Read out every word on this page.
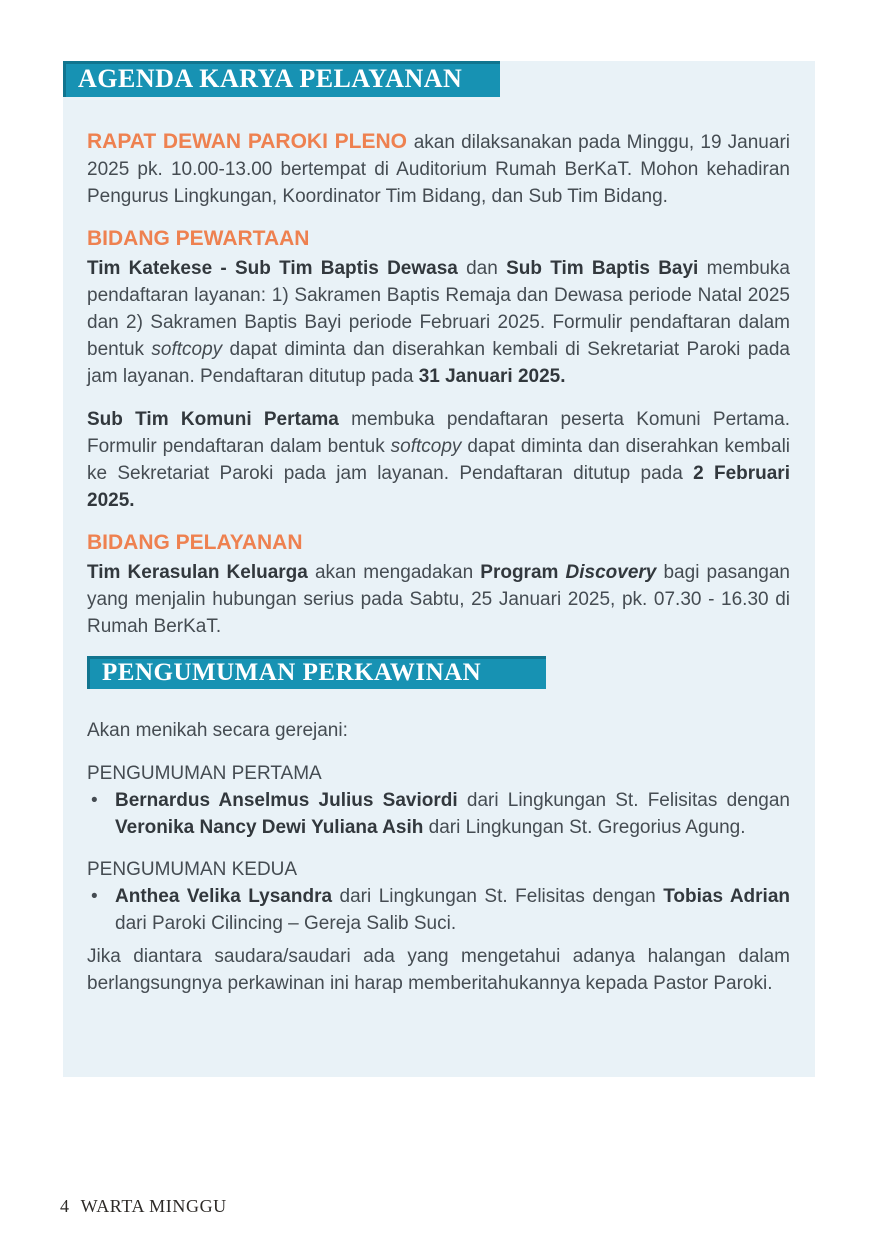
AGENDA KARYA PELAYANAN
RAPAT DEWAN PAROKI PLENO akan dilaksanakan pada Minggu, 19 Januari 2025 pk. 10.00-13.00 bertempat di Auditorium Rumah BerKaT. Mohon kehadiran Pengurus Lingkungan, Koordinator Tim Bidang, dan Sub Tim Bidang.
BIDANG PEWARTAAN
Tim Katekese - Sub Tim Baptis Dewasa dan Sub Tim Baptis Bayi membuka pendaftaran layanan: 1) Sakramen Baptis Remaja dan Dewasa periode Natal 2025 dan 2) Sakramen Baptis Bayi periode Februari 2025. Formulir pendaftaran dalam bentuk softcopy dapat diminta dan diserahkan kembali di Sekretariat Paroki pada jam layanan. Pendaftaran ditutup pada 31 Januari 2025.
Sub Tim Komuni Pertama membuka pendaftaran peserta Komuni Pertama. Formulir pendaftaran dalam bentuk softcopy dapat diminta dan diserahkan kembali ke Sekretariat Paroki pada jam layanan. Pendaftaran ditutup pada 2 Februari 2025.
BIDANG PELAYANAN
Tim Kerasulan Keluarga akan mengadakan Program Discovery bagi pasangan yang menjalin hubungan serius pada Sabtu, 25 Januari 2025, pk. 07.30 - 16.30 di Rumah BerKaT.
PENGUMUMAN PERKAWINAN
Akan menikah secara gerejani:
PENGUMUMAN PERTAMA
• Bernardus Anselmus Julius Saviordi dari Lingkungan St. Felisitas dengan Veronika Nancy Dewi Yuliana Asih dari Lingkungan St. Gregorius Agung.
PENGUMUMAN KEDUA
• Anthea Velika Lysandra dari Lingkungan St. Felisitas dengan Tobias Adrian dari Paroki Cilincing – Gereja Salib Suci.
Jika diantara saudara/saudari ada yang mengetahui adanya halangan dalam berlangsungnya perkawinan ini harap memberitahukannya kepada Pastor Paroki.
4 WARTA MINGGU
